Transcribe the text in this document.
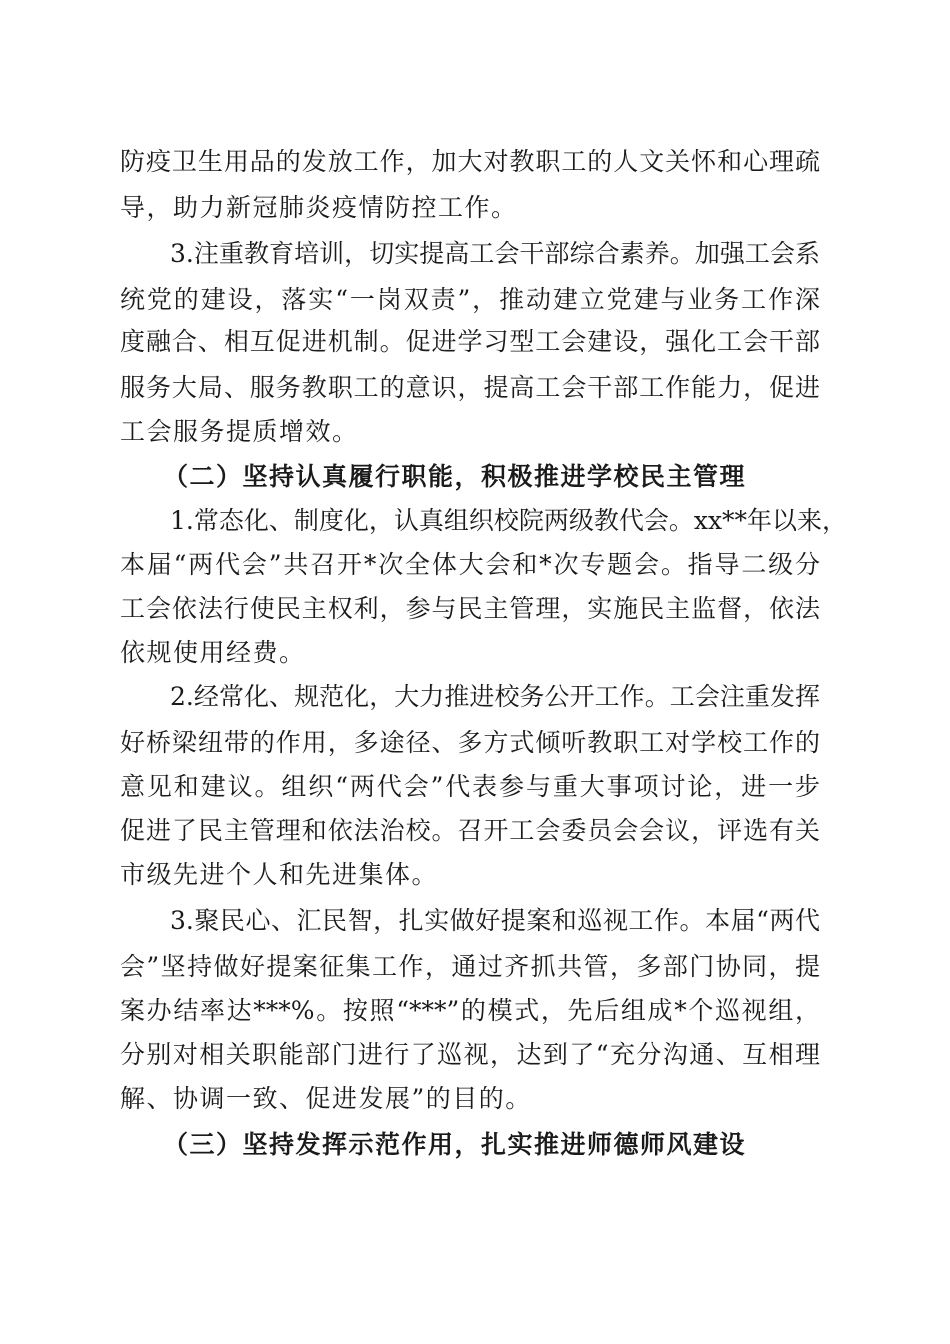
防疫卫生用品的发放工作，加大对教职工的人文关怀和心理疏

导，助力新冠肺炎疫情防控工作。

3.注重教育培训，切实提高工会干部综合素养。加强工会系

统党的建设，落实“一岗双责”，推动建立党建与业务工作深

度融合、相互促进机制。促进学习型工会建设，强化工会干部

服务大局、服务教职工的意识，提高工会干部工作能力，促进

工会服务提质增效。

（二）坚持认真履行职能，积极推进学校民主管理

1.常态化、制度化，认真组织校院两级教代会。xx**年以来，

本届“两代会”共召开*次全体大会和*次专题会。指导二级分

工会依法行使民主权利，参与民主管理，实施民主监督，依法

依规使用经费。

2.经常化、规范化，大力推进校务公开工作。工会注重发挥

好桥梁纽带的作用，多途径、多方式倾听教职工对学校工作的

意见和建议。组织“两代会”代表参与重大事项讨论，进一步

促进了民主管理和依法治校。召开工会委员会会议，评选有关

市级先进个人和先进集体。

3.聚民心、汇民智，扎实做好提案和巡视工作。本届“两代

会”坚持做好提案征集工作，通过齐抓共管，多部门协同，提

案办结率达***%。按照“***”的模式，先后组成*个巡视组，

分别对相关职能部门进行了巡视，达到了“充分沟通、互相理

解、协调一致、促进发展”的目的。

（三）坚持发挥示范作用，扎实推进师德师风建设
